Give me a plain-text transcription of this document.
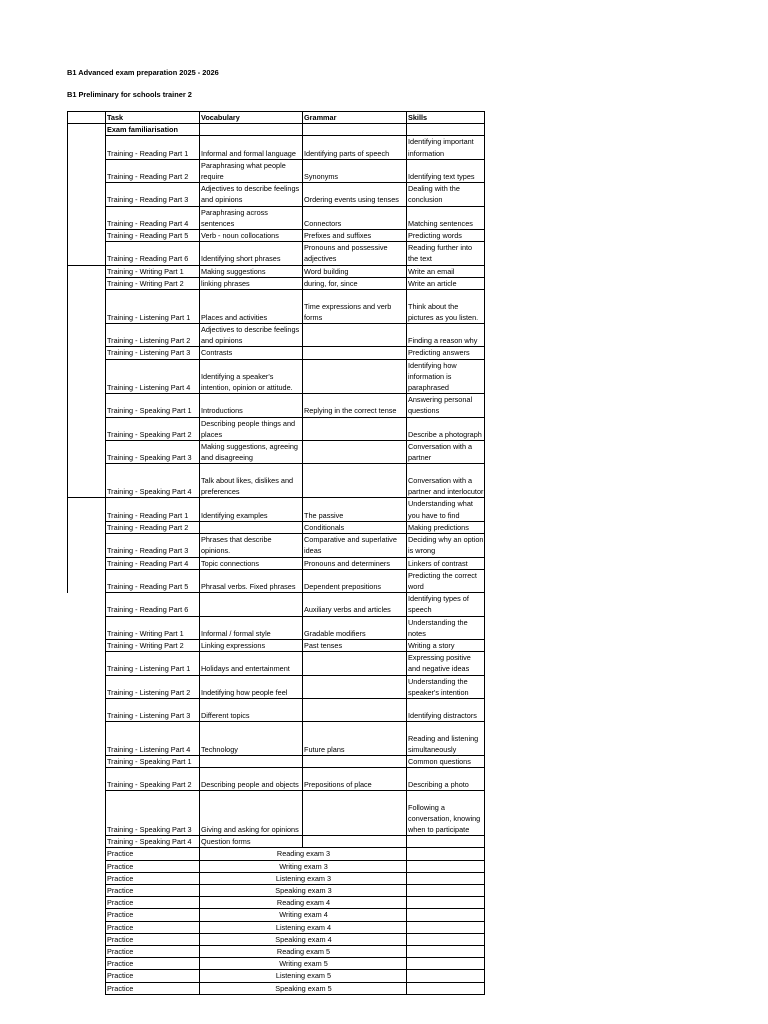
B1 Advanced exam preparation 2025 - 2026
B1 Preliminary for schools trainer 2
	Task	Vocabulary	Grammar	Skills
	Exam familiarisation			
	Training - Reading Part 1	Informal and formal language	Identifying parts of speech	Identifying important information
	Training - Reading Part 2	Paraphrasing what people require	Synonyms	Identifying text types
	Training - Reading Part 3	Adjectives to describe feelings and opinions	Ordering events using tenses	Dealing with the conclusion
	Training - Reading Part 4	Paraphrasing across sentences	Connectors	Matching sentences
	Training - Reading Part 5	Verb - noun collocations	Prefixes and suffixes	Predicting words
	Training - Reading Part 6	Identifying short phrases	Pronouns and possessive adjectives	Reading further into the text
	Training - Writing Part 1	Making suggestions	Word building	Write an email
	Training - Writing Part 2	linking phrases	during, for, since	Write an article
	Training - Listening Part 1	Places and activities	Time expressions and verb forms	Think about the pictures as you listen.
	Training - Listening Part 2	Adjectives to describe feelings and opinions		Finding a reason why
	Training - Listening Part 3	Contrasts		Predicting answers
	Training - Listening Part 4	Identifying a speaker's intention, opinion or attitude.		Identifying how information is paraphrased
	Training - Speaking Part 1	Introductions	Replying in the correct tense	Answering personal questions
	Training - Speaking Part 2	Describing people things and places		Describe a photograph
	Training - Speaking Part 3	Making suggestions, agreeing and disagreeing		Conversation with a partner
	Training - Speaking Part 4	Talk about likes, dislikes and preferences		Conversation with a partner and interlocutor
	Training - Reading Part 1	Identifying examples	The passive	Understanding what you have to find
	Training - Reading Part 2		Conditionals	Making predictions
	Training - Reading Part 3	Phrases that describe opinions.	Comparative and superlative ideas	Deciding why an option is wrong
	Training - Reading Part 4	Topic connections	Pronouns and determiners	Linkers of contrast
	Training - Reading Part 5	Phrasal verbs. Fixed phrases	Dependent prepositions	Predicting the correct word
	Training - Reading Part 6		Auxiliary verbs and articles	Identifying types of speech
	Training - Writing Part 1	Informal / formal style	Gradable modifiers	Understanding the notes
	Training - Writing Part 2	Linking expressions	Past tenses	Writing a story
	Training - Listening Part 1	Holidays and entertainment		Expressing positive and negative ideas
	Training - Listening Part 2	Indetifying how people feel		Understanding the speaker's intention
	Training - Listening Part 3	Different topics		Identifying distractors
	Training - Listening Part 4	Technology	Future plans	Reading and listening simultaneously
	Training - Speaking Part 1			Common questions
	Training - Speaking Part 2	Describing people and objects	Prepositions of place	Describing a photo
	Training - Speaking Part 3	Giving and asking for opinions		Following a conversation, knowing when to participate
	Training - Speaking Part 4	Question forms		
	Practice	Reading exam 3		
	Practice	Writing exam 3		
	Practice	Listening exam 3		
	Practice	Speaking exam 3		
	Practice	Reading exam 4		
	Practice	Writing exam 4		
	Practice	Listening exam 4		
	Practice	Speaking exam 4		
	Practice	Reading exam 5		
	Practice	Writing exam 5		
	Practice	Listening exam 5		
	Practice	Speaking exam 5		
